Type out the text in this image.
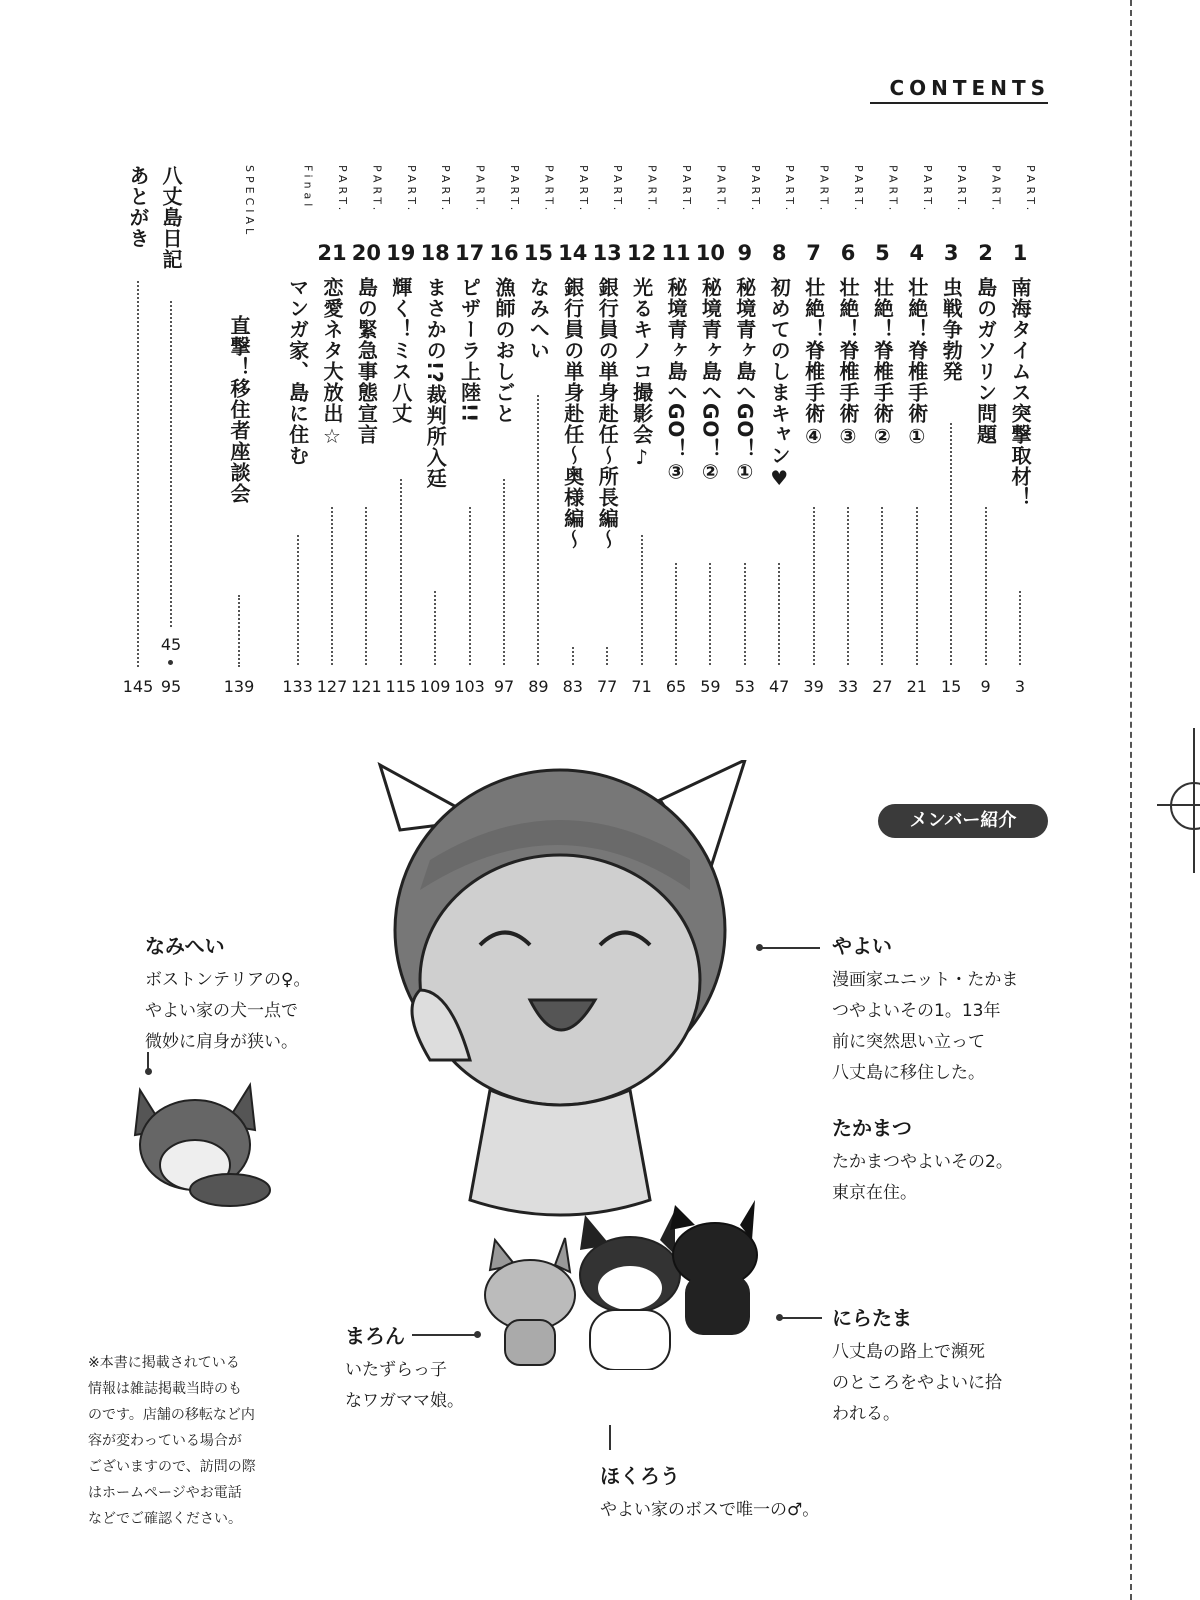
CONTENTS
PART.
1
南海タイムス突撃取材！
3
PART.
2
島のガソリン問題
9
PART.
3
虫戦争勃発
15
PART.
4
壮絶！脊椎手術①
21
PART.
5
壮絶！脊椎手術②
27
PART.
6
壮絶！脊椎手術③
33
PART.
7
壮絶！脊椎手術④
39
PART.
8
初めてのしまキャン♥
47
PART.
9
秘境青ヶ島へGO！①
53
PART.
10
秘境青ヶ島へGO！②
59
PART.
11
秘境青ヶ島へGO！③
65
PART.
12
光るキノコ撮影会♪
71
PART.
13
銀行員の単身赴任～所長編～
77
PART.
14
銀行員の単身赴任～奥様編～
83
PART.
15
なみへい
89
PART.
16
漁師のおしごと
97
PART.
17
ピザーラ上陸!!
103
PART.
18
まさかの!?裁判所入廷
109
PART.
19
輝く！ミス八丈
115
PART.
20
島の緊急事態宣言
121
PART.
21
恋愛ネタ大放出☆
127
Final
マンガ家、島に住む
133
SPECIAL
直撃！移住者座談会
139
八丈島日記
45
95
あとがき
145
メンバー紹介
なみへい
ボストンテリアの♀。
やよい家の犬一点で
微妙に肩身が狭い。
やよい
漫画家ユニット・たかま
つやよいその1。13年
前に突然思い立って
八丈島に移住した。
たかまつ
たかまつやよいその2。
東京在住。
まろん
いたずらっ子
なワガママ娘。
にらたま
八丈島の路上で瀕死
のところをやよいに拾
われる。
ほくろう
やよい家のボスで唯一の♂。
※本書に掲載されている
情報は雑誌掲載当時のも
のです。店舗の移転など内
容が変わっている場合が
ございますので、訪問の際
はホームページやお電話
などでご確認ください。
